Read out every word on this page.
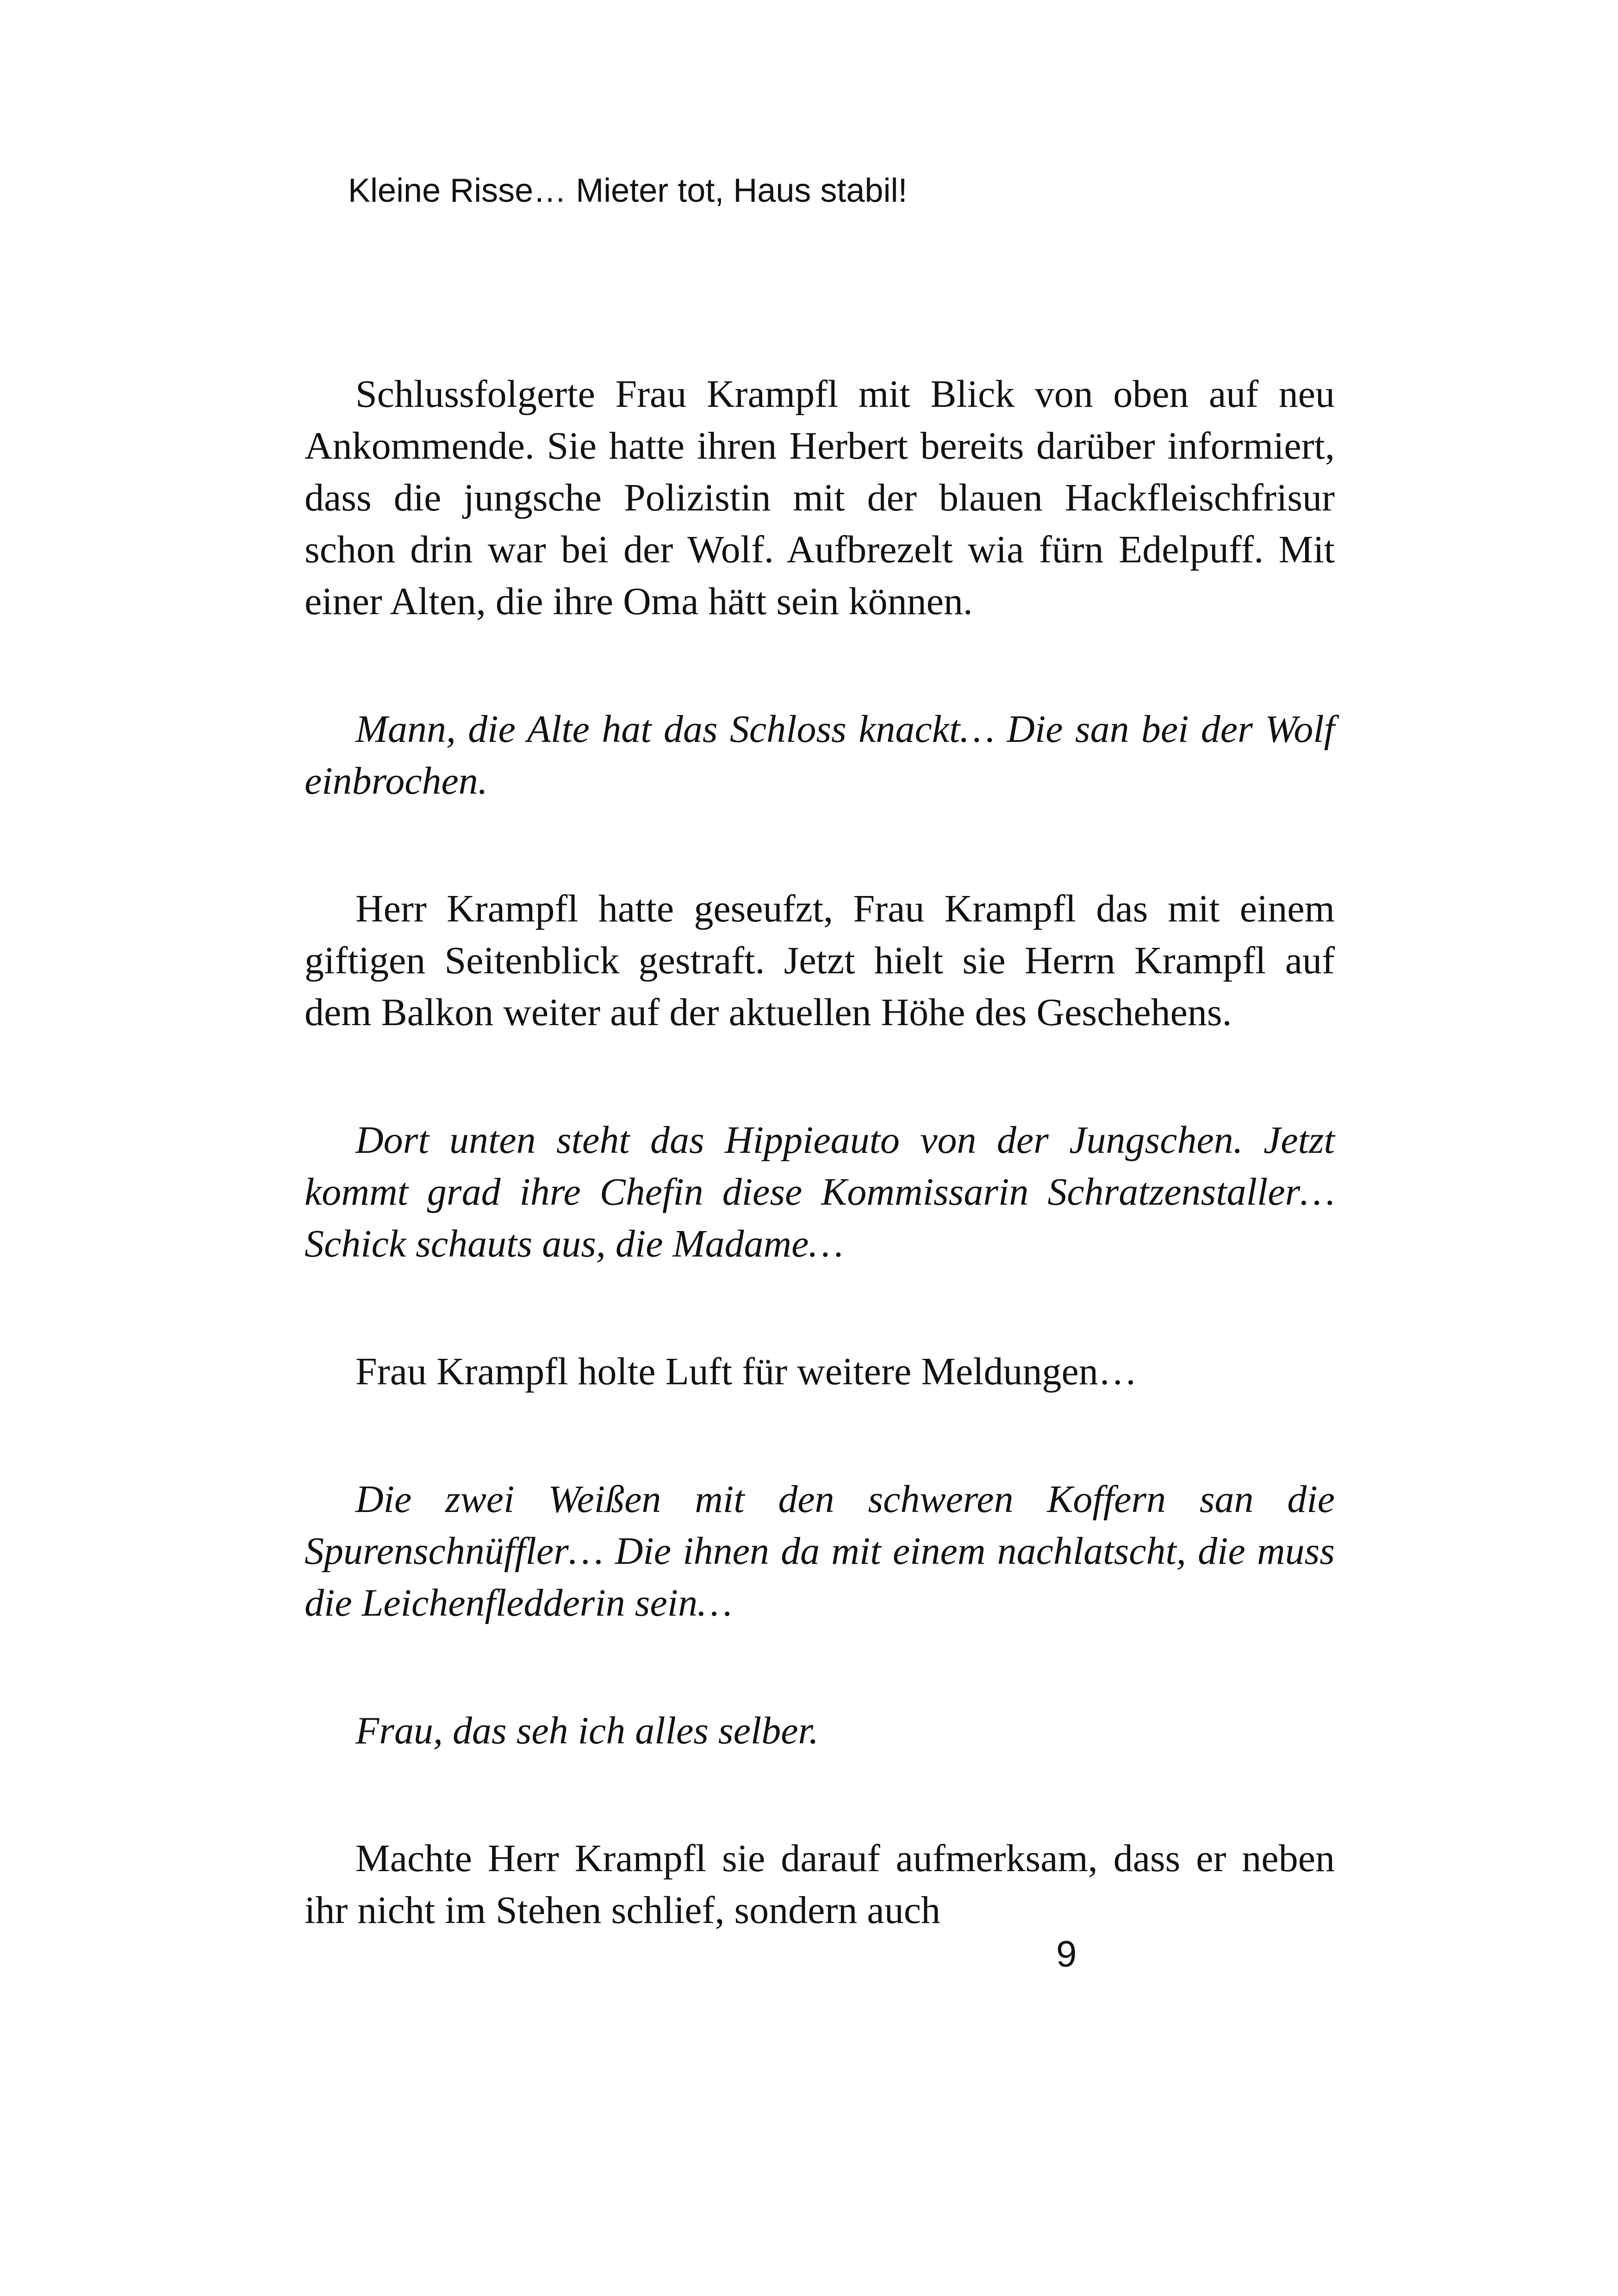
Kleine Risse… Mieter tot, Haus stabil!

Schlussfolgerte Frau Krampfl mit Blick von oben auf neu Ankommende. Sie hatte ihren Herbert bereits darüber informiert, dass die jungsche Polizistin mit der blauen Hackfleischfrisur schon drin war bei der Wolf. Aufbrezelt wia fürn Edelpuff. Mit einer Alten, die ihre Oma hätt sein können.

Mann, die Alte hat das Schloss knackt… Die san bei der Wolf einbrochen.

Herr Krampfl hatte geseufzt, Frau Krampfl das mit einem giftigen Seitenblick gestraft. Jetzt hielt sie Herrn Krampfl auf dem Balkon weiter auf der aktuellen Höhe des Geschehens.

Dort unten steht das Hippieauto von der Jungschen. Jetzt kommt grad ihre Chefin diese Kommissarin Schratzenstaller… Schick schauts aus, die Madame…

Frau Krampfl holte Luft für weitere Meldungen…

Die zwei Weißen mit den schweren Koffern san die Spurenschnüffler… Die ihnen da mit einem nachlatscht, die muss die Leichenfledderin sein…

Frau, das seh ich alles selber.

Machte Herr Krampfl sie darauf aufmerksam, dass er neben ihr nicht im Stehen schlief, sondern auch

9
